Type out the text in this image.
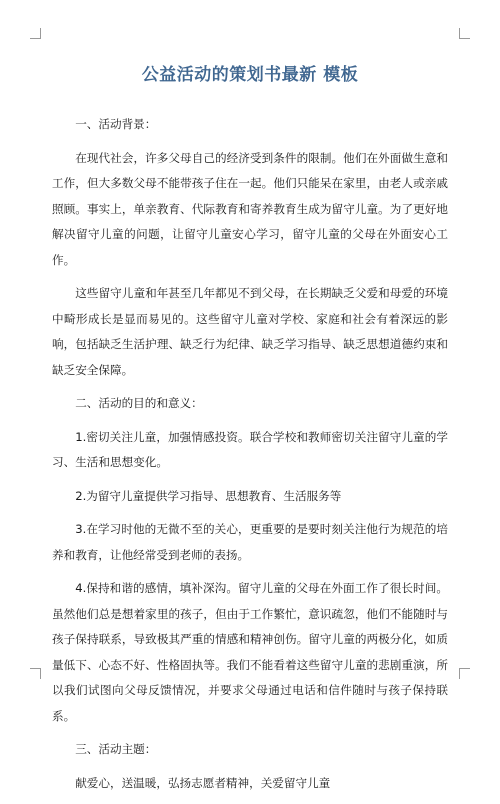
公益活动的策划书最新 模板

一、活动背景：

在现代社会，许多父母自己的经济受到条件的限制。他们在外面做生意和工作，但大多数父母不能带孩子住在一起。他们只能呆在家里，由老人或亲戚照顾。事实上，单亲教育、代际教育和寄养教育生成为留守儿童。为了更好地解决留守儿童的问题，让留守儿童安心学习，留守儿童的父母在外面安心工作。

这些留守儿童和年甚至几年都见不到父母，在长期缺乏父爱和母爱的环境中畸形成长是显而易见的。这些留守儿童对学校、家庭和社会有着深远的影响，包括缺乏生活护理、缺乏行为纪律、缺乏学习指导、缺乏思想道德约束和缺乏安全保障。

二、活动的目的和意义：

1.密切关注儿童，加强情感投资。联合学校和教师密切关注留守儿童的学习、生活和思想变化。

2.为留守儿童提供学习指导、思想教育、生活服务等

3.在学习时他的无微不至的关心，更重要的是要时刻关注他行为规范的培养和教育，让他经常受到老师的表扬。

4.保持和谐的感情，填补深沟。留守儿童的父母在外面工作了很长时间。虽然他们总是想着家里的孩子，但由于工作繁忙，意识疏忽，他们不能随时与孩子保持联系，导致极其严重的情感和精神创伤。留守儿童的两极分化，如质量低下、心态不好、性格固执等。我们不能看着这些留守儿童的悲剧重演，所以我们试图向父母反馈情况，并要求父母通过电话和信件随时与孩子保持联系。

三、活动主题：

献爱心，送温暖，弘扬志愿者精神，关爱留守儿童
